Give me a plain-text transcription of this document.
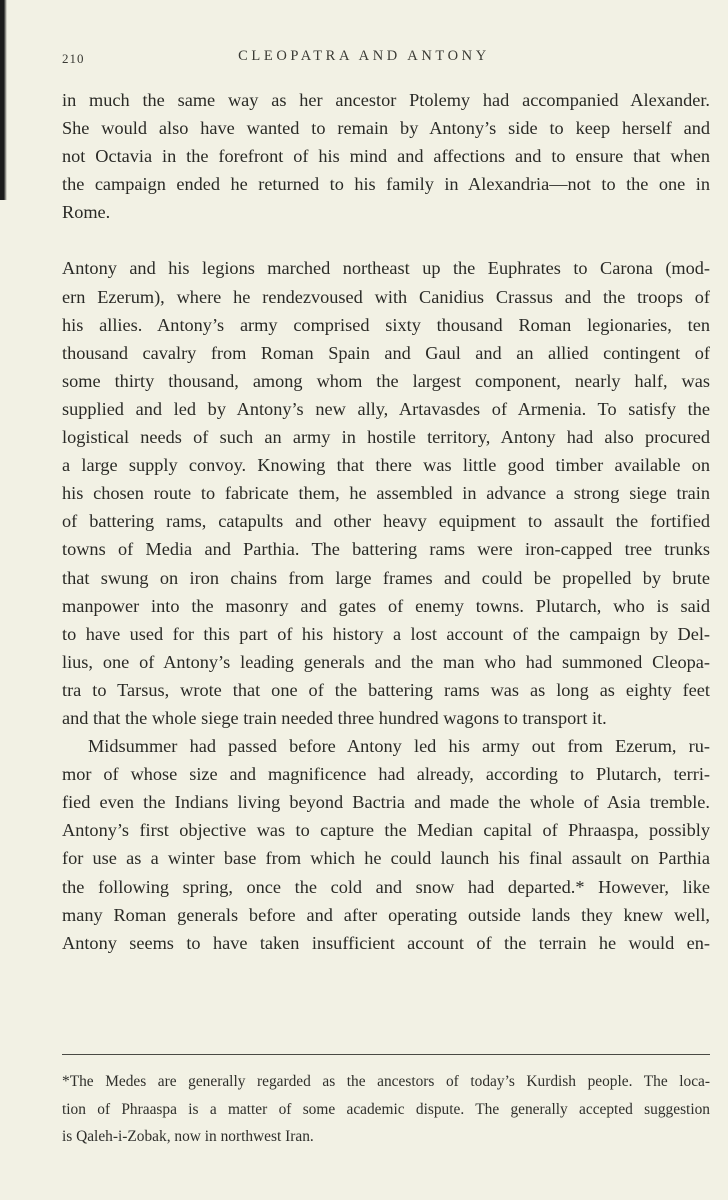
210	CLEOPATRA AND ANTONY
in much the same way as her ancestor Ptolemy had accompanied Alexander.
She would also have wanted to remain by Antony’s side to keep herself and
not Octavia in the forefront of his mind and affections and to ensure that when
the campaign ended he returned to his family in Alexandria—not to the one in
Rome.
Antony and his legions marched northeast up the Euphrates to Carona (mod-
ern Ezerum), where he rendezvoused with Canidius Crassus and the troops of
his allies. Antony’s army comprised sixty thousand Roman legionaries, ten
thousand cavalry from Roman Spain and Gaul and an allied contingent of
some thirty thousand, among whom the largest component, nearly half, was
supplied and led by Antony’s new ally, Artavasdes of Armenia. To satisfy the
logistical needs of such an army in hostile territory, Antony had also procured
a large supply convoy. Knowing that there was little good timber available on
his chosen route to fabricate them, he assembled in advance a strong siege train
of battering rams, catapults and other heavy equipment to assault the fortified
towns of Media and Parthia. The battering rams were iron-capped tree trunks
that swung on iron chains from large frames and could be propelled by brute
manpower into the masonry and gates of enemy towns. Plutarch, who is said
to have used for this part of his history a lost account of the campaign by Del-
lius, one of Antony’s leading generals and the man who had summoned Cleopa-
tra to Tarsus, wrote that one of the battering rams was as long as eighty feet
and that the whole siege train needed three hundred wagons to transport it.
Midsummer had passed before Antony led his army out from Ezerum, ru-
mor of whose size and magnificence had already, according to Plutarch, terri-
fied even the Indians living beyond Bactria and made the whole of Asia tremble.
Antony’s first objective was to capture the Median capital of Phraaspa, possibly
for use as a winter base from which he could launch his final assault on Parthia
the following spring, once the cold and snow had departed.* However, like
many Roman generals before and after operating outside lands they knew well,
Antony seems to have taken insufficient account of the terrain he would en-
*The Medes are generally regarded as the ancestors of today’s Kurdish people. The loca-
tion of Phraaspa is a matter of some academic dispute. The generally accepted suggestion
is Qaleh-i-Zobak, now in northwest Iran.
